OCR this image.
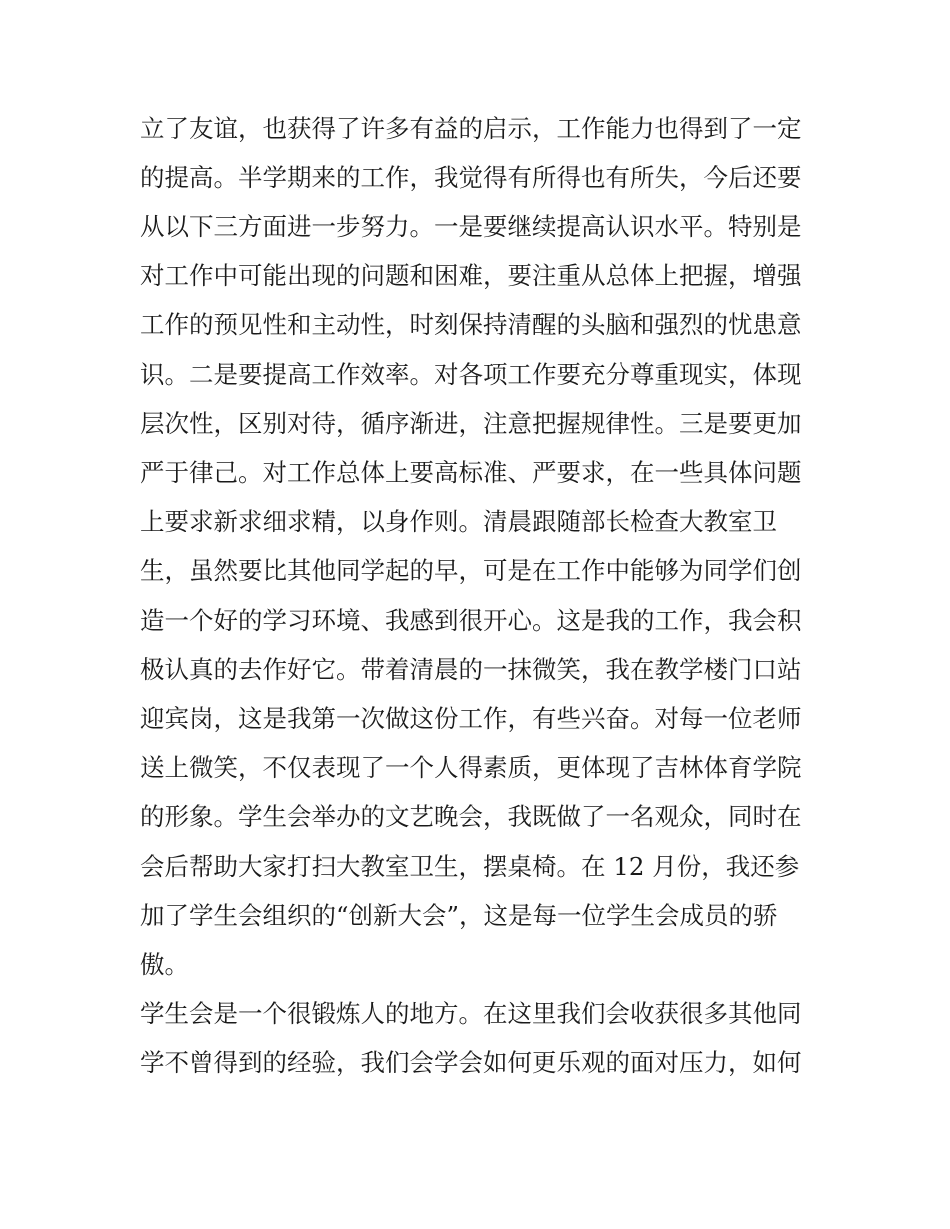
立了友谊，也获得了许多有益的启示，工作能力也得到了一定
的提高。半学期来的工作，我觉得有所得也有所失，今后还要
从以下三方面进一步努力。一是要继续提高认识水平。特别是
对工作中可能出现的问题和困难，要注重从总体上把握，增强
工作的预见性和主动性，时刻保持清醒的头脑和强烈的忧患意
识。二是要提高工作效率。对各项工作要充分尊重现实，体现
层次性，区别对待，循序渐进，注意把握规律性。三是要更加
严于律己。对工作总体上要高标准、严要求，在一些具体问题
上要求新求细求精，以身作则。清晨跟随部长检查大教室卫
生，虽然要比其他同学起的早，可是在工作中能够为同学们创
造一个好的学习环境、我感到很开心。这是我的工作，我会积
极认真的去作好它。带着清晨的一抹微笑，我在教学楼门口站
迎宾岗，这是我第一次做这份工作，有些兴奋。对每一位老师
送上微笑，不仅表现了一个人得素质，更体现了吉林体育学院
的形象。学生会举办的文艺晚会，我既做了一名观众，同时在
会后帮助大家打扫大教室卫生，摆桌椅。在 12 月份，我还参
加了学生会组织的“创新大会”，这是每一位学生会成员的骄
傲。
学生会是一个很锻炼人的地方。在这里我们会收获很多其他同
学不曾得到的经验，我们会学会如何更乐观的面对压力，如何
